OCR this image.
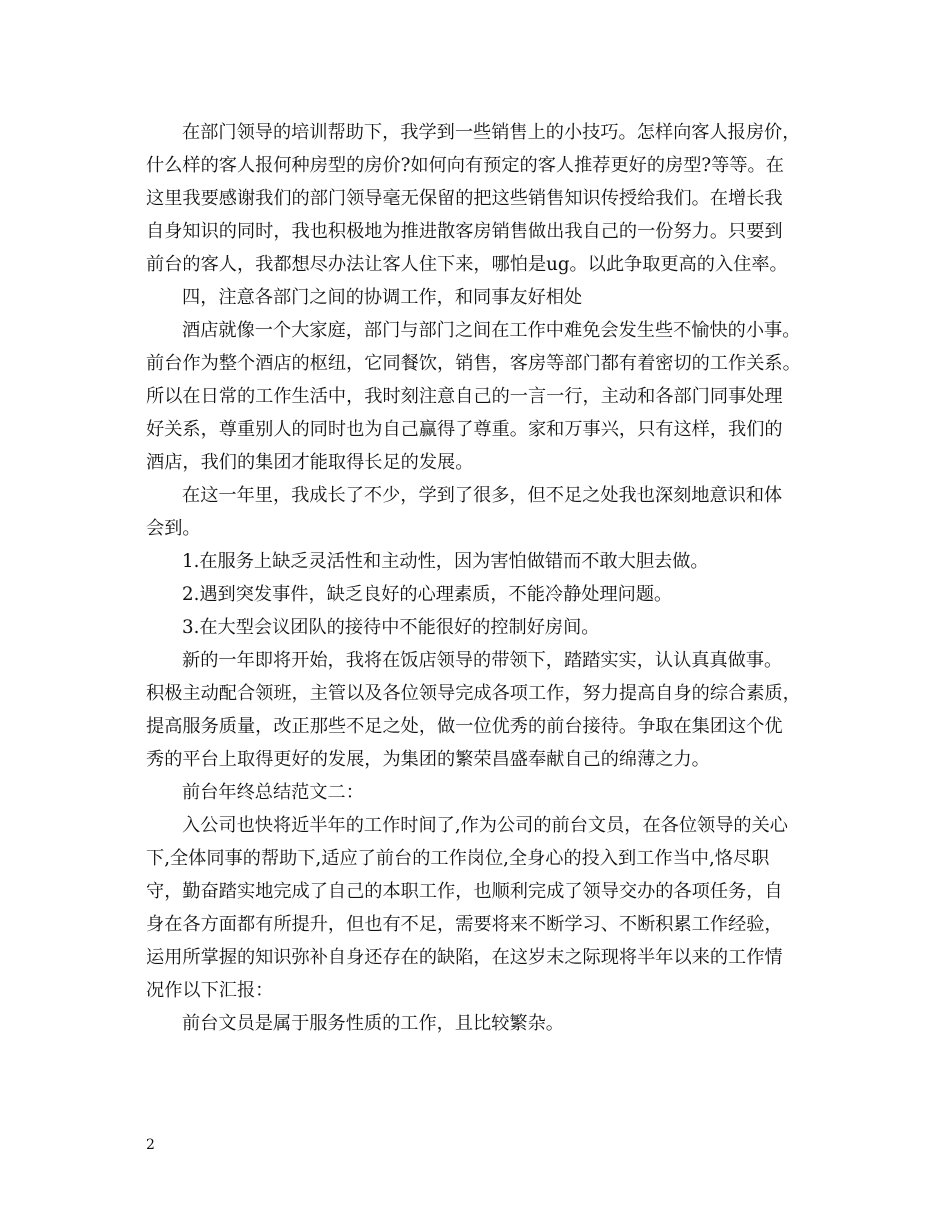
在部门领导的培训帮助下，我学到一些销售上的小技巧。怎样向客人报房价，
什么样的客人报何种房型的房价?如何向有预定的客人推荐更好的房型?等等。在
这里我要感谢我们的部门领导毫无保留的把这些销售知识传授给我们。在增长我
自身知识的同时，我也积极地为推进散客房销售做出我自己的一份努力。只要到
前台的客人，我都想尽办法让客人住下来，哪怕是ug。以此争取更高的入住率。
四，注意各部门之间的协调工作，和同事友好相处
酒店就像一个大家庭，部门与部门之间在工作中难免会发生些不愉快的小事。
前台作为整个酒店的枢纽，它同餐饮，销售，客房等部门都有着密切的工作关系。
所以在日常的工作生活中，我时刻注意自己的一言一行，主动和各部门同事处理
好关系，尊重别人的同时也为自己赢得了尊重。家和万事兴，只有这样，我们的
酒店，我们的集团才能取得长足的发展。
在这一年里，我成长了不少，学到了很多，但不足之处我也深刻地意识和体
会到。
1.在服务上缺乏灵活性和主动性，因为害怕做错而不敢大胆去做。
2.遇到突发事件，缺乏良好的心理素质，不能冷静处理问题。
3.在大型会议团队的接待中不能很好的控制好房间。
新的一年即将开始，我将在饭店领导的带领下，踏踏实实，认认真真做事。
积极主动配合领班，主管以及各位领导完成各项工作，努力提高自身的综合素质，
提高服务质量，改正那些不足之处，做一位优秀的前台接待。争取在集团这个优
秀的平台上取得更好的发展，为集团的繁荣昌盛奉献自己的绵薄之力。
前台年终总结范文二：
入公司也快将近半年的工作时间了,作为公司的前台文员，在各位领导的关心
下,全体同事的帮助下,适应了前台的工作岗位,全身心的投入到工作当中,恪尽职
守，勤奋踏实地完成了自己的本职工作，也顺利完成了领导交办的各项任务，自
身在各方面都有所提升，但也有不足，需要将来不断学习、不断积累工作经验，
运用所掌握的知识弥补自身还存在的缺陷，在这岁末之际现将半年以来的工作情
况作以下汇报：
前台文员是属于服务性质的工作，且比较繁杂。
2
